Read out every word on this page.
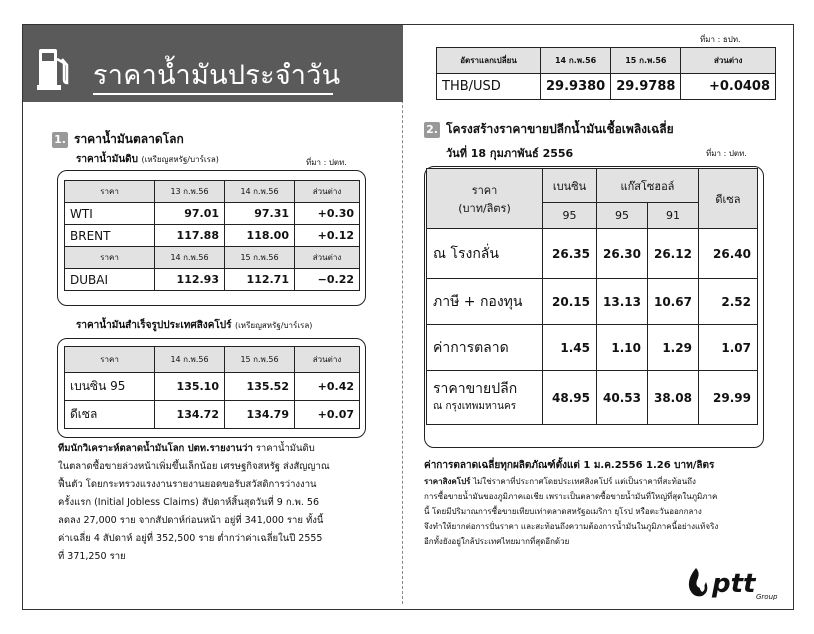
ราคาน้ำมันประจำวัน
1. ราคาน้ำมันตลาดโลก
ราคาน้ำมันดิบ (เหรียญสหรัฐ/บาร์เรล)	ที่มา : ปตท.
ราคา	13 ก.พ.56	14 ก.พ.56	ส่วนต่าง
WTI	97.01	97.31	+0.30
BRENT	117.88	118.00	+0.12
ราคา	14 ก.พ.56	15 ก.พ.56	ส่วนต่าง
DUBAI	112.93	112.71	−0.22
ราคาน้ำมันสำเร็จรูปประเทศสิงคโปร์ (เหรียญสหรัฐ/บาร์เรล)
ราคา	14 ก.พ.56	15 ก.พ.56	ส่วนต่าง
เบนซิน 95	135.10	135.52	+0.42
ดีเซล	134.72	134.79	+0.07
ทีมนักวิเคราะห์ตลาดน้ำมันโลก ปตท.รายงานว่า ราคาน้ำมันดิบ
ในตลาดซื้อขายล่วงหน้าเพิ่มขึ้นเล็กน้อย เศรษฐกิจสหรัฐ ส่งสัญญาณ
ฟื้นตัว โดยกระทรวงแรงงานรายงานยอดขอรับสวัสดิการว่างงาน
ครั้งแรก (Initial Jobless Claims) สัปดาห์สิ้นสุดวันที่ 9 ก.พ. 56
ลดลง 27,000 ราย จากสัปดาห์ก่อนหน้า อยู่ที่ 341,000 ราย ทั้งนี้
ค่าเฉลี่ย 4 สัปดาห์ อยู่ที่ 352,500 ราย ต่ำกว่าค่าเฉลี่ยในปี 2555
ที่ 371,250 ราย
ที่มา : ธปท.
อัตราแลกเปลี่ยน	14 ก.พ.56	15 ก.พ.56	ส่วนต่าง
THB/USD	29.9380	29.9788	+0.0408
2. โครงสร้างราคาขายปลีกน้ำมันเชื้อเพลิงเฉลี่ย
วันที่ 18 กุมภาพันธ์ 2556	ที่มา : ปตท.
ราคา
(บาท/ลิตร)	เบนซิน	แก๊สโซฮอล์		ดีเซล
	95	95	91	
ณ โรงกลั่น	26.35	26.30	26.12	26.40
ภาษี + กองทุน	20.15	13.13	10.67	2.52
ค่าการตลาด	1.45	1.10	1.29	1.07
ราคาขายปลีก
ณ กรุงเทพมหานคร	48.95	40.53	38.08	29.99
ค่าการตลาดเฉลี่ยทุกผลิตภัณฑ์ตั้งแต่ 1 ม.ค.2556 1.26 บาท/ลิตร
ราคาสิงคโปร์ ไม่ใช่ราคาที่ประกาศโดยประเทศสิงคโปร์ แต่เป็นราคาที่สะท้อนถึง
การซื้อขายน้ำมันของภูมิภาคเอเชีย เพราะเป็นตลาดซื้อขายน้ำมันที่ใหญ่ที่สุดในภูมิภาค
นี้ โดยมีปริมาณการซื้อขายเทียบเท่าตลาดสหรัฐอเมริกา ยุโรป หรือตะวันออกกลาง
จึงทำให้ยากต่อการปั่นราคา และสะท้อนถึงความต้องการน้ำมันในภูมิภาคนี้อย่างแท้จริง
อีกทั้งยังอยู่ใกล้ประเทศไทยมากที่สุดอีกด้วย
ptt Group
